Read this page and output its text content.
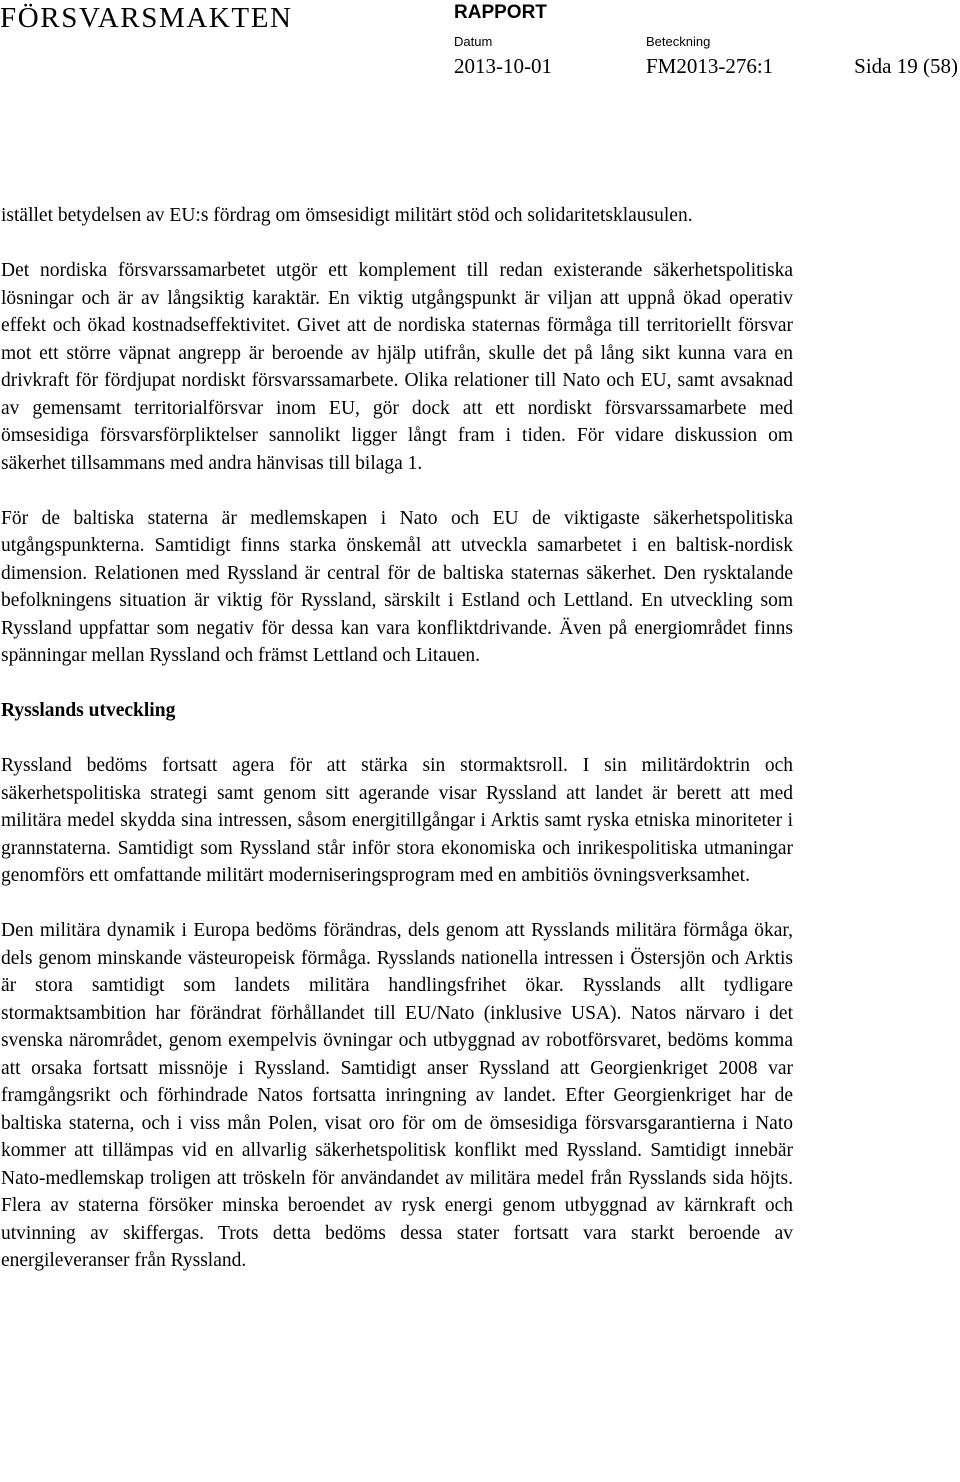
FÖRSVARSMAKTEN	RAPPORT
Datum	Beteckning
2013-10-01	FM2013-276:1	Sida 19 (58)

istället betydelsen av EU:s fördrag om ömsesidigt militärt stöd och solidaritetsklausulen.

Det nordiska försvarssamarbetet utgör ett komplement till redan existerande säkerhetspolitiska lösningar och är av långsiktig karaktär. En viktig utgångspunkt är viljan att uppnå ökad operativ effekt och ökad kostnadseffektivitet. Givet att de nordiska staternas förmåga till territoriellt försvar mot ett större väpnat angrepp är beroende av hjälp utifrån, skulle det på lång sikt kunna vara en drivkraft för fördjupat nordiskt försvarssamarbete. Olika relationer till Nato och EU, samt avsaknad av gemensamt territorialförsvar inom EU, gör dock att ett nordiskt försvarssamarbete med ömsesidiga försvarsförpliktelser sannolikt ligger långt fram i tiden. För vidare diskussion om säkerhet tillsammans med andra hänvisas till bilaga 1.

För de baltiska staterna är medlemskapen i Nato och EU de viktigaste säkerhetspolitiska utgångspunkterna. Samtidigt finns starka önskemål att utveckla samarbetet i en baltisk-nordisk dimension. Relationen med Ryssland är central för de baltiska staternas säkerhet. Den rysktalande befolkningens situation är viktig för Ryssland, särskilt i Estland och Lettland. En utveckling som Ryssland uppfattar som negativ för dessa kan vara konfliktdrivande. Även på energiområdet finns spänningar mellan Ryssland och främst Lettland och Litauen.

Rysslands utveckling

Ryssland bedöms fortsatt agera för att stärka sin stormaktsroll. I sin militärdoktrin och säkerhetspolitiska strategi samt genom sitt agerande visar Ryssland att landet är berett att med militära medel skydda sina intressen, såsom energitillgångar i Arktis samt ryska etniska minoriteter i grannstaterna. Samtidigt som Ryssland står inför stora ekonomiska och inrikespolitiska utmaningar genomförs ett omfattande militärt moderniseringsprogram med en ambitiös övningsverksamhet.

Den militära dynamik i Europa bedöms förändras, dels genom att Rysslands militära förmåga ökar, dels genom minskande västeuropeisk förmåga. Rysslands nationella intressen i Östersjön och Arktis är stora samtidigt som landets militära handlingsfrihet ökar. Rysslands allt tydligare stormaktsambition har förändrat förhållandet till EU/Nato (inklusive USA). Natos närvaro i det svenska närområdet, genom exempelvis övningar och utbyggnad av robotförsvaret, bedöms komma att orsaka fortsatt missnöje i Ryssland. Samtidigt anser Ryssland att Georgienkriget 2008 var framgångsrikt och förhindrade Natos fortsatta inringning av landet. Efter Georgienkriget har de baltiska staterna, och i viss mån Polen, visat oro för om de ömsesidiga försvarsgarantierna i Nato kommer att tillämpas vid en allvarlig säkerhetspolitisk konflikt med Ryssland. Samtidigt innebär Nato-medlemskap troligen att tröskeln för användandet av militära medel från Rysslands sida höjts. Flera av staterna försöker minska beroendet av rysk energi genom utbyggnad av kärnkraft och utvinning av skiffergas. Trots detta bedöms dessa stater fortsatt vara starkt beroende av energileveranser från Ryssland.
